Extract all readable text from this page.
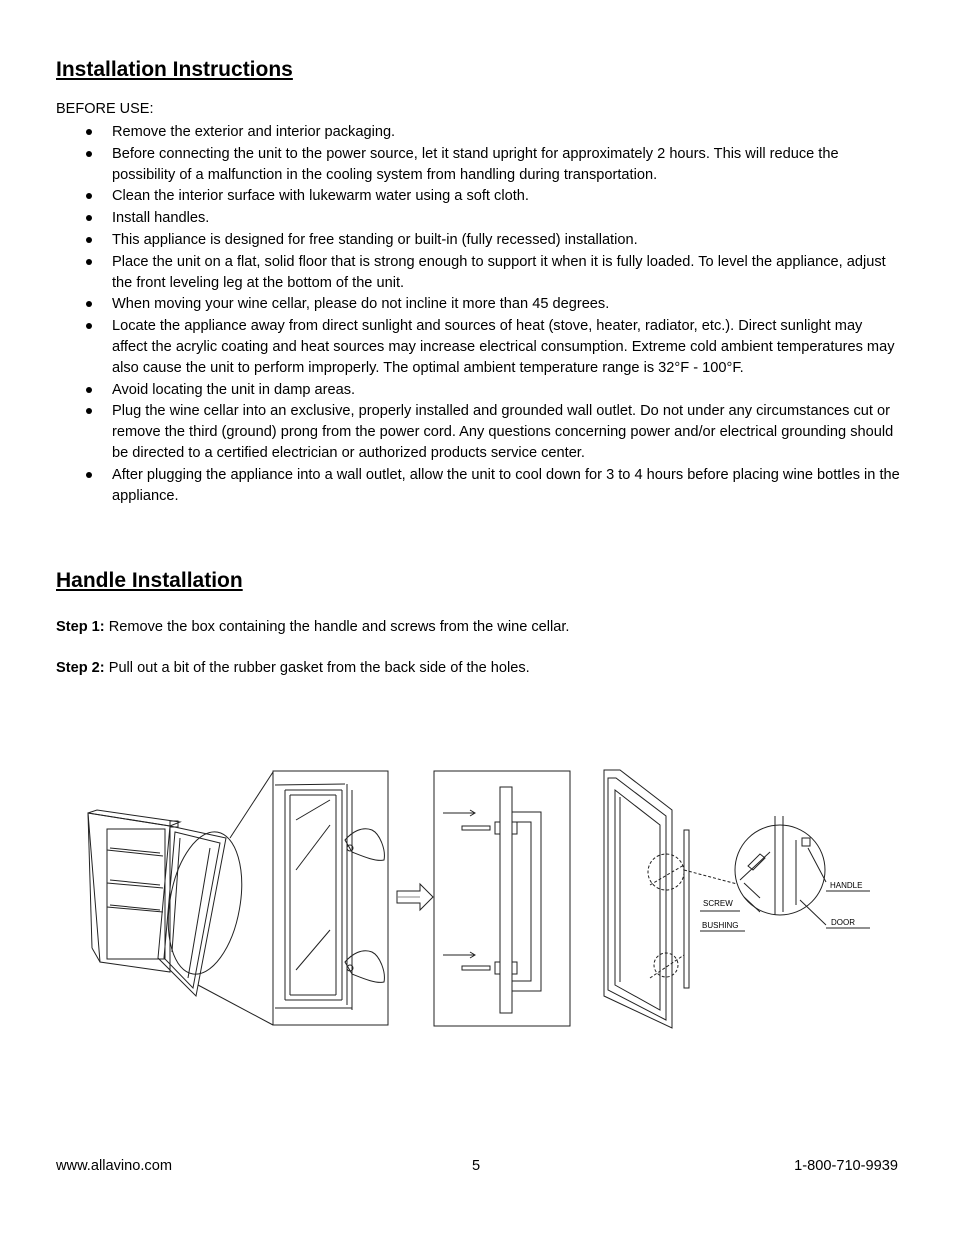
Installation Instructions
BEFORE USE:
Remove the exterior and interior packaging.
Before connecting the unit to the power source, let it stand upright for approximately 2 hours. This will reduce the possibility of a malfunction in the cooling system from handling during transportation.
Clean the interior surface with lukewarm water using a soft cloth.
Install handles.
This appliance is designed for free standing or built-in (fully recessed) installation.
Place the unit on a flat, solid floor that is strong enough to support it when it is fully loaded. To level the appliance, adjust the front leveling leg at the bottom of the unit.
When moving your wine cellar, please do not incline it more than 45 degrees.
Locate the appliance away from direct sunlight and sources of heat (stove, heater, radiator, etc.). Direct sunlight may affect the acrylic coating and heat sources may increase electrical consumption. Extreme cold ambient temperatures may also cause the unit to perform improperly. The optimal ambient temperature range is 32°F - 100°F.
Avoid locating the unit in damp areas.
Plug the wine cellar into an exclusive, properly installed and grounded wall outlet. Do not under any circumstances cut or remove the third (ground) prong from the power cord. Any questions concerning power and/or electrical grounding should be directed to a certified electrician or authorized products service center.
After plugging the appliance into a wall outlet, allow the unit to cool down for 3 to 4 hours before placing wine bottles in the appliance.
Handle Installation
Step 1: Remove the box containing the handle and screws from the wine cellar.
Step 2: Pull out a bit of the rubber gasket from the back side of the holes.
HANDLE
SCREW
DOOR
BUSHING
www.allavino.com	5	1-800-710-9939
